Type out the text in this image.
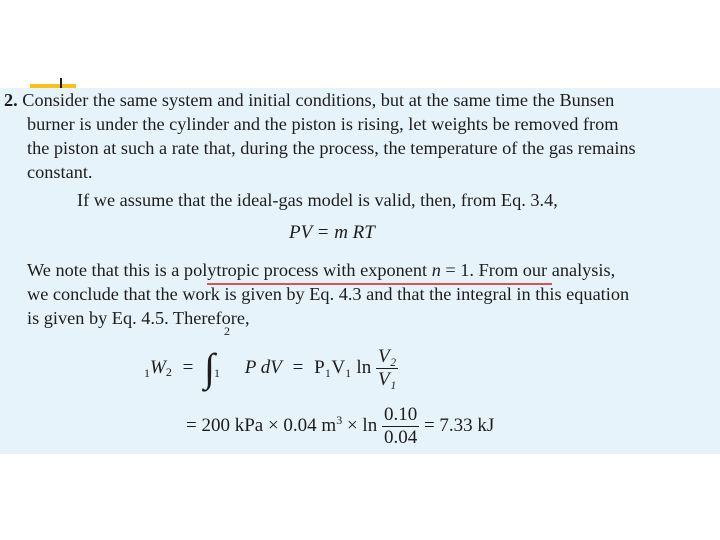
2. Consider the same system and initial conditions, but at the same time the Bunsen
burner is under the cylinder and the piston is rising, let weights be removed from
the piston at such a rate that, during the process, the temperature of the gas remains
constant.
If we assume that the ideal-gas model is valid, then, from Eq. 3.4,
PV = m RT
We note that this is a polytropic process with exponent n = 1. From our analysis,
we conclude that the work is given by Eq. 4.3 and that the integral in this equation
is given by Eq. 4.5. Therefore,
$_1W_2$ = ∫
2
1 P dV = P₁V₁ $\ln \frac{\text{V₂}}{\text{V₁}}$
= 200 kPa × 0.04 $m^3 \times \ln \frac{0.10}{0.04} = 7.33$ kJ
